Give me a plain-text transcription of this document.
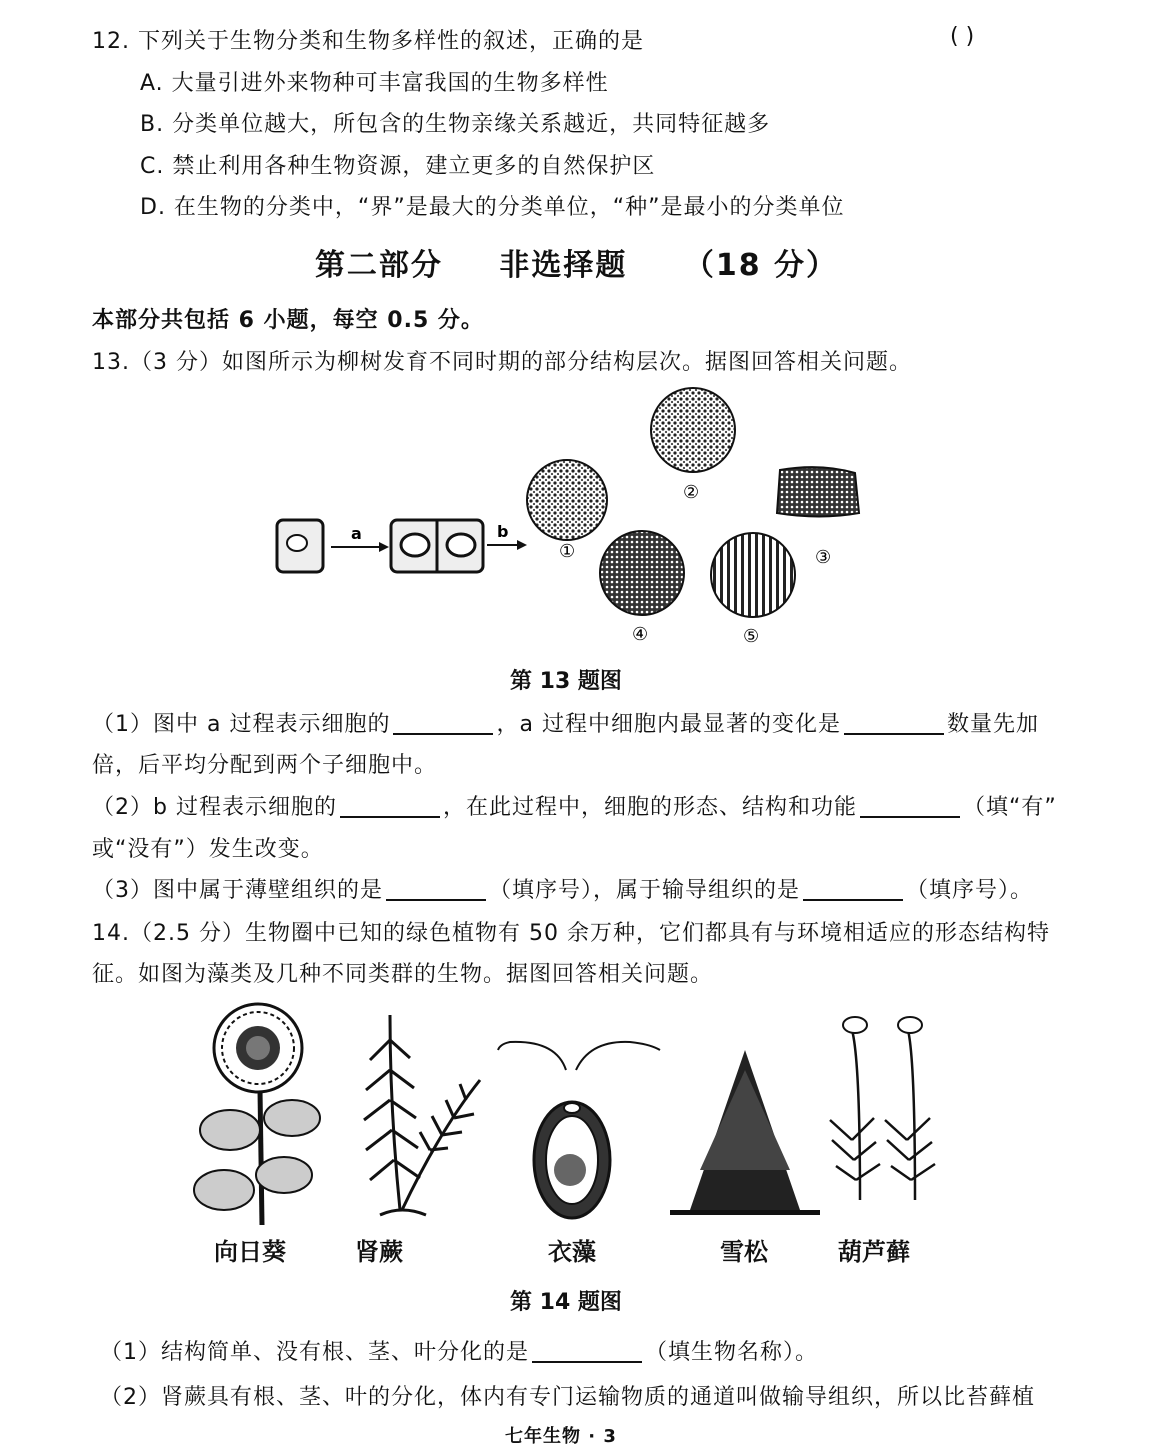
12. 下列关于生物分类和生物多样性的叙述，正确的是	( )
A. 大量引进外来物种可丰富我国的生物多样性
B. 分类单位越大，所包含的生物亲缘关系越近，共同特征越多
C. 禁止利用各种生物资源，建立更多的自然保护区
D. 在生物的分类中，“界”是最大的分类单位，“种”是最小的分类单位
第二部分 非选择题 （18 分）
本部分共包括 6 小题，每空 0.5 分。
13.（3 分）如图所示为柳树发育不同时期的部分结构层次。据图回答相关问题。
a	b
①
②
③
④	⑤
第 13 题图
（1）图中 a 过程表示细胞的	，a 过程中细胞内最显著的变化是	数量先加
倍，后平均分配到两个子细胞中。
（2）b 过程表示细胞的	，在此过程中，细胞的形态、结构和功能	（填“有”
或“没有”）发生改变。
（3）图中属于薄壁组织的是	（填序号），属于输导组织的是	（填序号）。
14.（2.5 分）生物圈中已知的绿色植物有 50 余万种，它们都具有与环境相适应的形态结构特
征。如图为藻类及几种不同类群的生物。据图回答相关问题。
向日葵	肾蕨	衣藻	雪松	葫芦藓
第 14 题图
（1）结构简单、没有根、茎、叶分化的是	（填生物名称）。
（2）肾蕨具有根、茎、叶的分化，体内有专门运输物质的通道叫做输导组织，所以比苔藓植
七年生物 · 3
